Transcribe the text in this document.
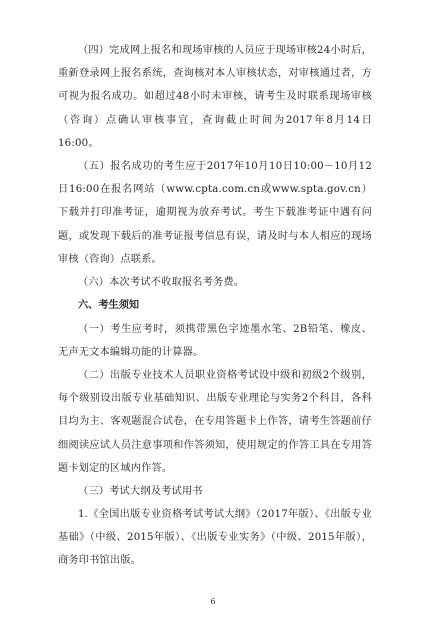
（四）完成网上报名和现场审核的人员应于现场审核24小时后，重新登录网上报名系统，查询核对本人审核状态，对审核通过者，方可视为报名成功。如超过48小时未审核，请考生及时联系现场审核（咨询）点确认审核事宜，查询截止时间为2017年8月14日16:00。

（五）报名成功的考生应于2017年10月10日10:00－10月12日16:00在报名网站（www.cpta.com.cn或www.spta.gov.cn）下载并打印准考证，逾期视为放弃考试。考生下载准考证中遇有问题，或发现下载后的准考证报考信息有误，请及时与本人相应的现场审核（咨询）点联系。

（六）本次考试不收取报名考务费。

六、考生须知

（一）考生应考时，须携带黑色字迹墨水笔、2B铅笔、橡皮、无声无文本编辑功能的计算器。

（二）出版专业技术人员职业资格考试设中级和初级2个级别，每个级别设出版专业基础知识、出版专业理论与实务2个科目，各科目均为主、客观题混合试卷，在专用答题卡上作答，请考生答题前仔细阅读应试人员注意事项和作答须知，使用规定的作答工具在专用答题卡划定的区域内作答。

（三）考试大纲及考试用书

1.《全国出版专业资格考试考试大纲》（2017年版）、《出版专业基础》（中级、2015年版）、《出版专业实务》（中级、2015年版），商务印书馆出版。

6
